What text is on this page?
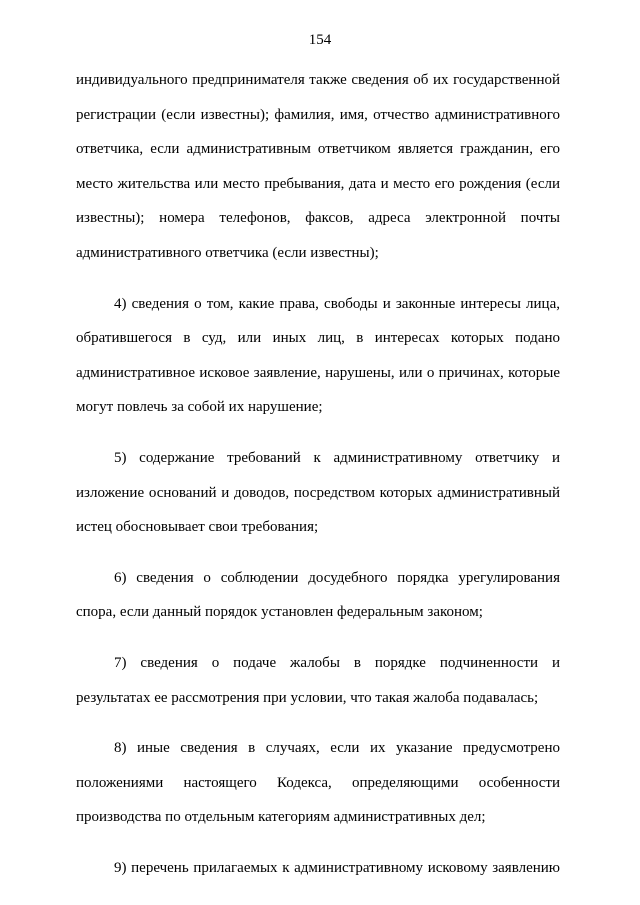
154
индивидуального предпринимателя также сведения об их государственной
регистрации (если известны); фамилия, имя, отчество административного
ответчика, если административным ответчиком является гражданин, его
место жительства или место пребывания, дата и место его рождения (если
известны); номера телефонов, факсов, адреса электронной почты
административного ответчика (если известны);
4) сведения о том, какие права, свободы и законные интересы лица,
обратившегося в суд, или иных лиц, в интересах которых подано
административное исковое заявление, нарушены, или о причинах, которые
могут повлечь за собой их нарушение;
5) содержание требований к административному ответчику и
изложение оснований и доводов, посредством которых административный
истец обосновывает свои требования;
6) сведения о соблюдении досудебного порядка урегулирования
спора, если данный порядок установлен федеральным законом;
7) сведения о подаче жалобы в порядке подчиненности и
результатах ее рассмотрения при условии, что такая жалоба подавалась;
8) иные сведения в случаях, если их указание предусмотрено
положениями настоящего Кодекса, определяющими особенности
производства по отдельным категориям административных дел;
9) перечень прилагаемых к административному исковому заявлению
